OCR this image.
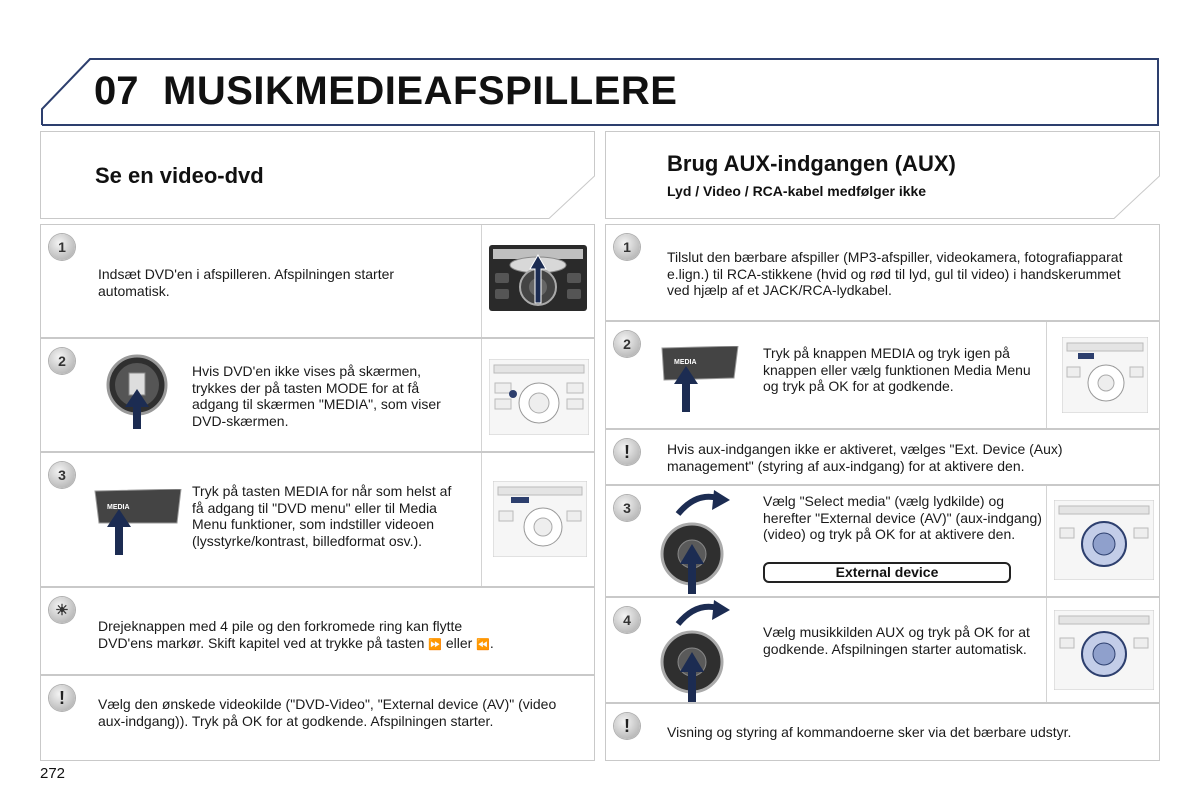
07 MUSIKMEDIEAFSPILLERE
Se en video-dvd
1
Indsæt DVD'en i afspilleren. Afspilningen starter automatisk.
2
Hvis DVD'en ikke vises på skærmen, trykkes der på tasten MODE for at få adgang til skærmen "MEDIA", som viser DVD-skærmen.
3
MEDIA
Tryk på tasten MEDIA for når som helst af få adgang til "DVD menu" eller til Media Menu funktioner, som indstiller videoen (lysstyrke/kontrast, billedformat osv.).
☀
Drejeknappen med 4 pile og den forkromede ring kan flytte
DVD'ens markør. Skift kapitel ved at trykke på tasten ⏩ eller ⏪.
!	Vælg den ønskede videokilde ("DVD-Video", "External device (AV)" (video aux-indgang)). Tryk på OK for at godkende. Afspilningen starter.
Brug AUX-indgangen (AUX)
Lyd / Video / RCA-kabel medfølger ikke
1
Tilslut den bærbare afspiller (MP3-afspiller, videokamera, fotografiapparat e.lign.) til RCA-stikkene (hvid og rød til lyd, gul til video) i handskerummet ved hjælp af et JACK/RCA-lydkabel.
2
MEDIA
Tryk på knappen MEDIA og tryk igen på knappen eller vælg funktionen Media Menu og tryk på OK for at godkende.
!	Hvis aux-indgangen ikke er aktiveret, vælges "Ext. Device (Aux) management" (styring af aux-indgang) for at aktivere den.
3	Vælg "Select media" (vælg lydkilde) og herefter "External device (AV)" (aux-indgang) (video) og tryk på OK for at aktivere den.
External device
4
Vælg musikkilden AUX og tryk på OK for at godkende. Afspilningen starter automatisk.
!	Visning og styring af kommandoerne sker via det bærbare udstyr.
272
